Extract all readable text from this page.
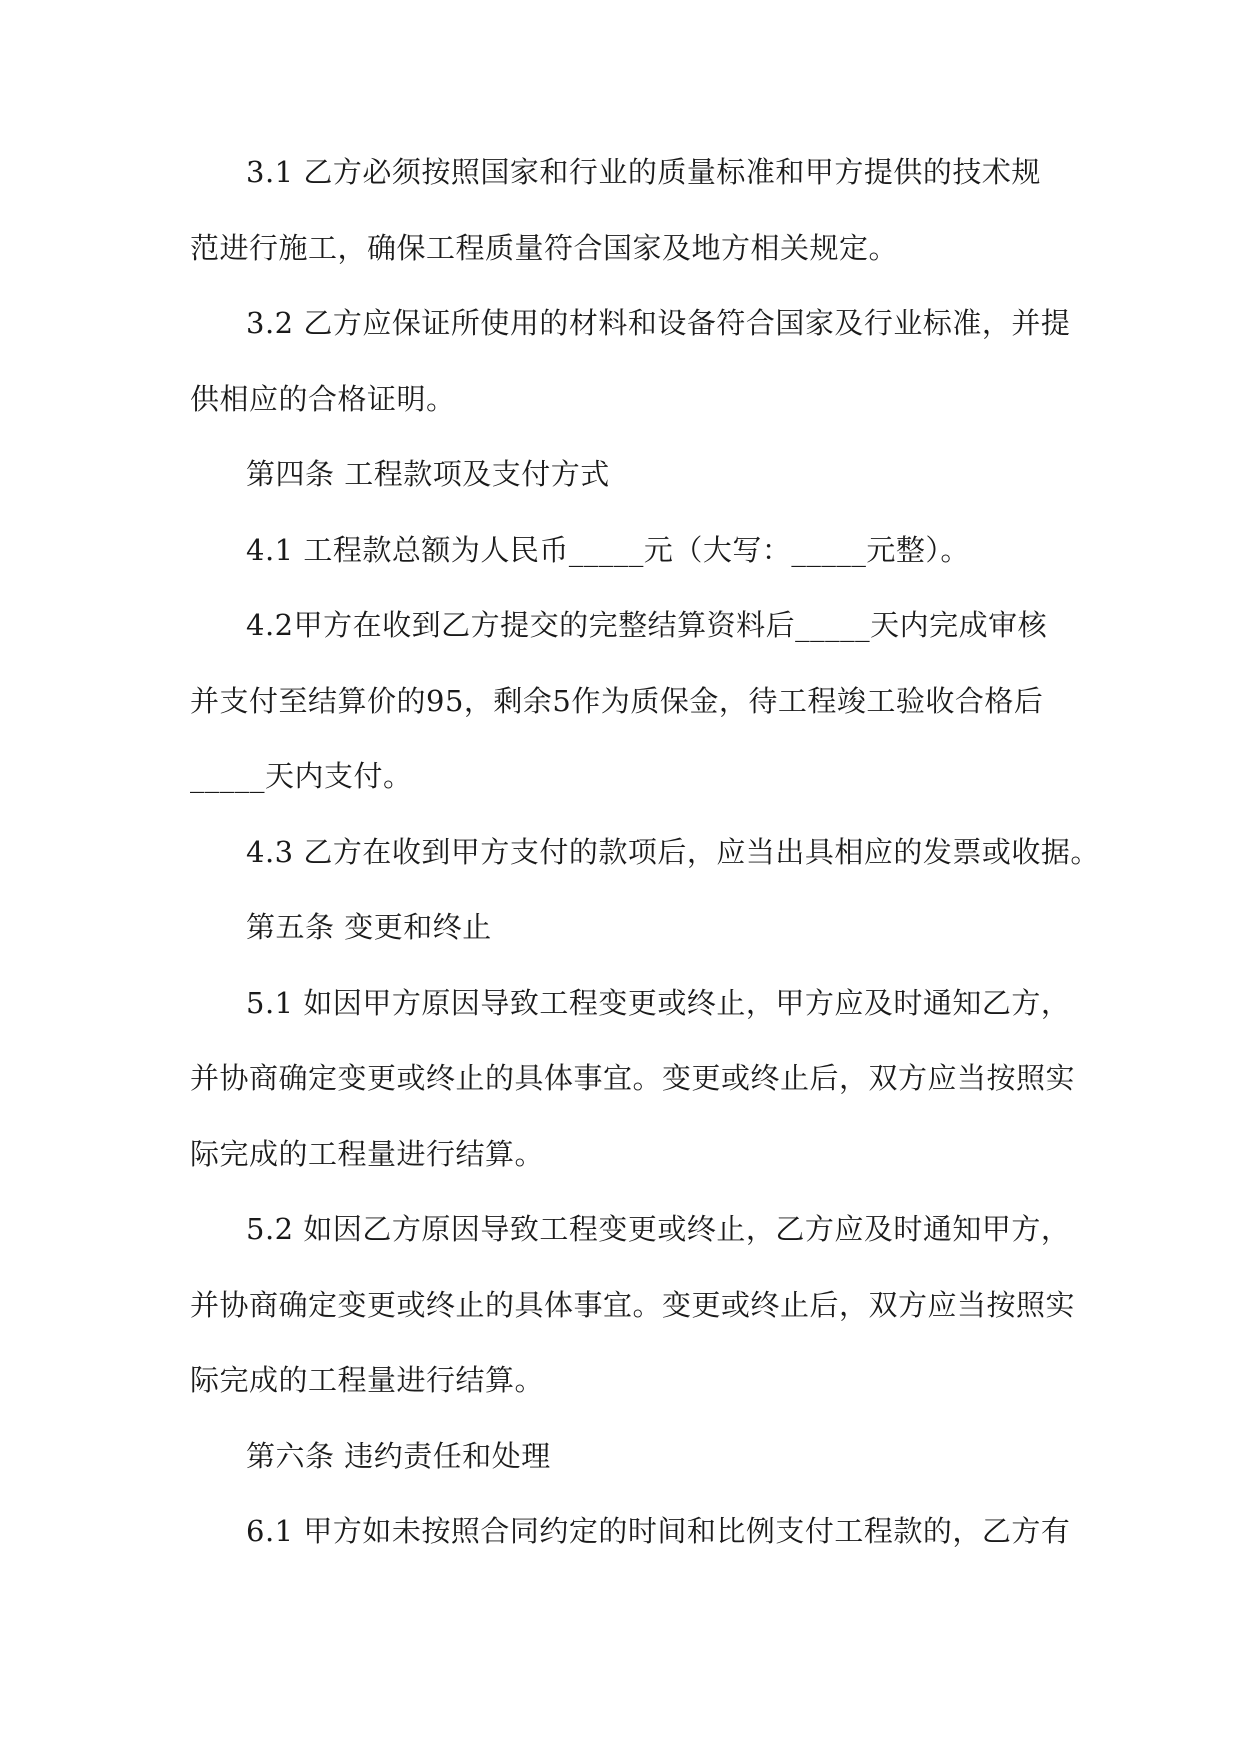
3.1 乙方必须按照国家和行业的质量标准和甲方提供的技术规
范进行施工，确保工程质量符合国家及地方相关规定。
3.2 乙方应保证所使用的材料和设备符合国家及行业标准，并提
供相应的合格证明。
第四条 工程款项及支付方式
4.1 工程款总额为人民币_____元（大写：_____元整）。
4.2甲方在收到乙方提交的完整结算资料后_____天内完成审核
并支付至结算价的95，剩余5作为质保金，待工程竣工验收合格后
_____天内支付。
4.3 乙方在收到甲方支付的款项后，应当出具相应的发票或收据。
第五条 变更和终止
5.1 如因甲方原因导致工程变更或终止，甲方应及时通知乙方，
并协商确定变更或终止的具体事宜。变更或终止后，双方应当按照实
际完成的工程量进行结算。
5.2 如因乙方原因导致工程变更或终止，乙方应及时通知甲方，
并协商确定变更或终止的具体事宜。变更或终止后，双方应当按照实
际完成的工程量进行结算。
第六条 违约责任和处理
6.1 甲方如未按照合同约定的时间和比例支付工程款的，乙方有
